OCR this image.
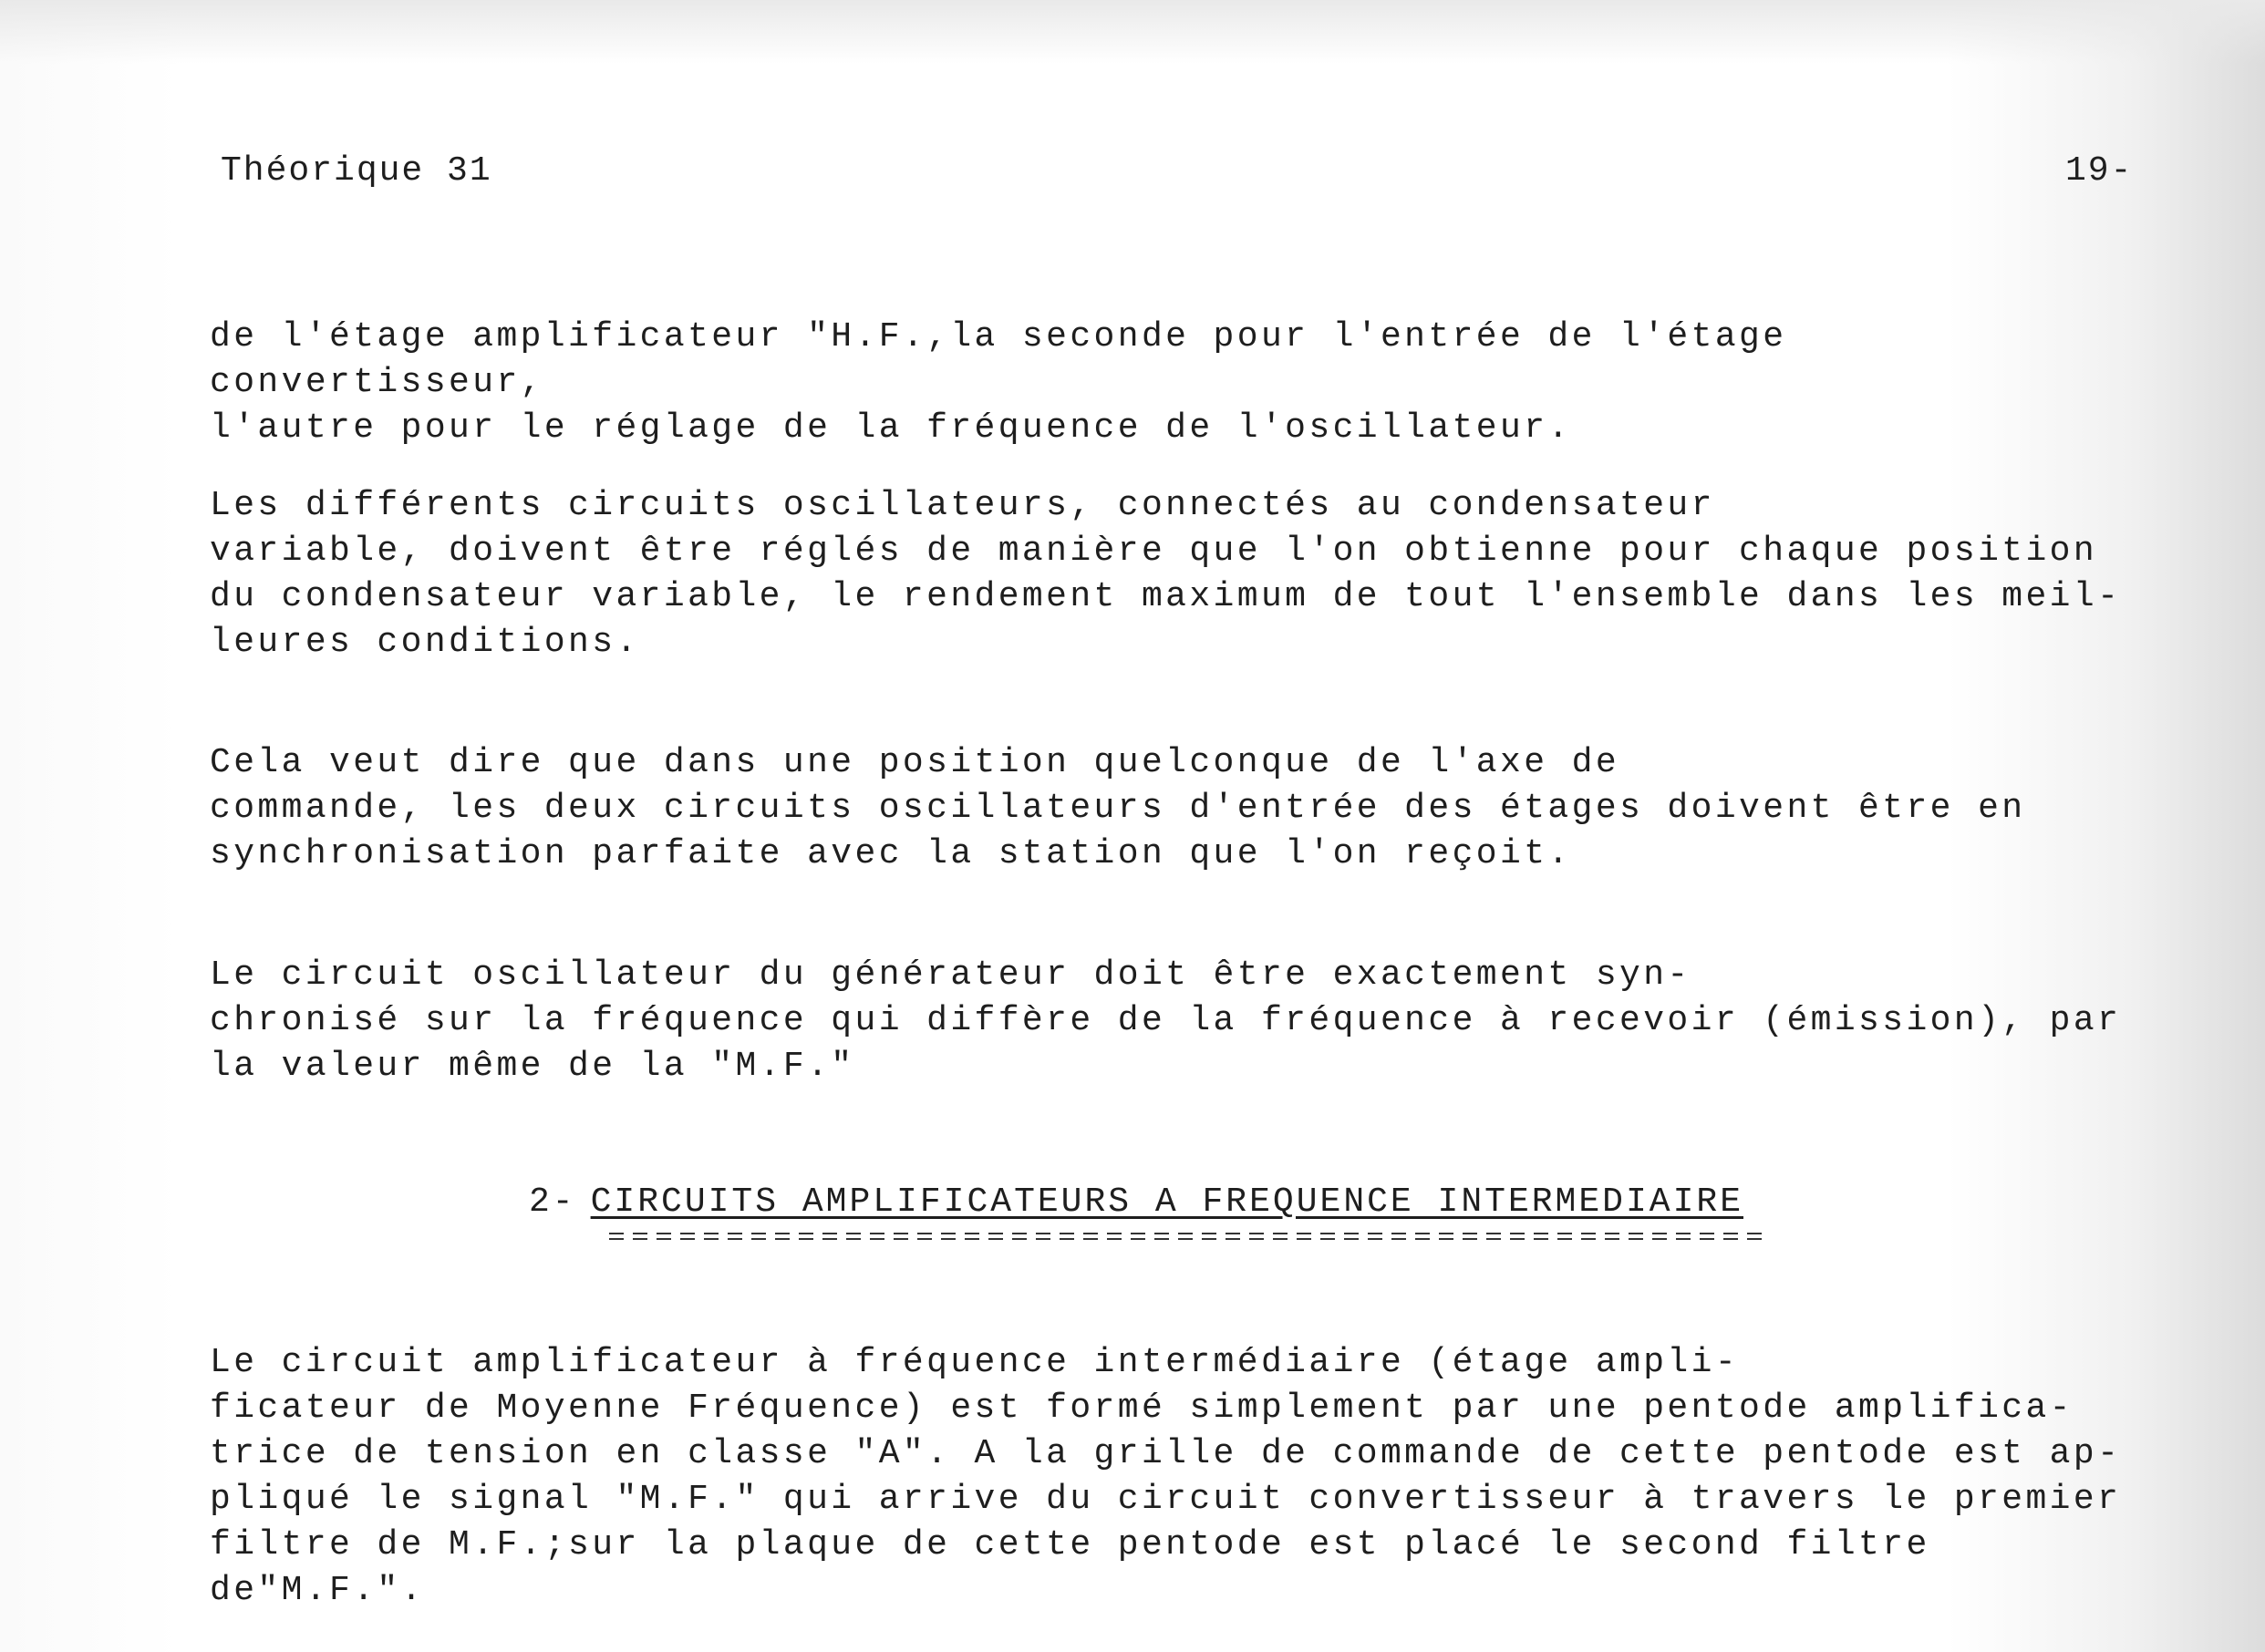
Théorique 31	19-
de l'étage amplificateur "H.F.,la seconde pour l'entrée de l'étage convertisseur,
l'autre pour le réglage de la fréquence de l'oscillateur.
Les différents circuits oscillateurs, connectés au condensateur
variable, doivent être réglés de manière que l'on obtienne pour chaque position
du condensateur variable, le rendement maximum de tout l'ensemble dans les meil-
leures conditions.
Cela veut dire que dans une position quelconque de l'axe de
commande, les deux circuits oscillateurs d'entrée des étages doivent être en
synchronisation parfaite avec la station que l'on reçoit.
Le circuit oscillateur du générateur doit être exactement syn-
chronisé sur la fréquence qui diffère de la fréquence à recevoir (émission), par
la valeur même de la "M.F."
2- CIRCUITS AMPLIFICATEURS A FREQUENCE INTERMEDIAIRE
Le circuit amplificateur à fréquence intermédiaire (étage ampli-
ficateur de Moyenne Fréquence) est formé simplement par une pentode amplifica-
trice de tension en classe "A". A la grille de commande de cette pentode est ap-
pliqué le signal "M.F." qui arrive du circuit convertisseur à travers le premier
filtre de M.F.;sur la plaque de cette pentode est placé le second filtre de"M.F.".
